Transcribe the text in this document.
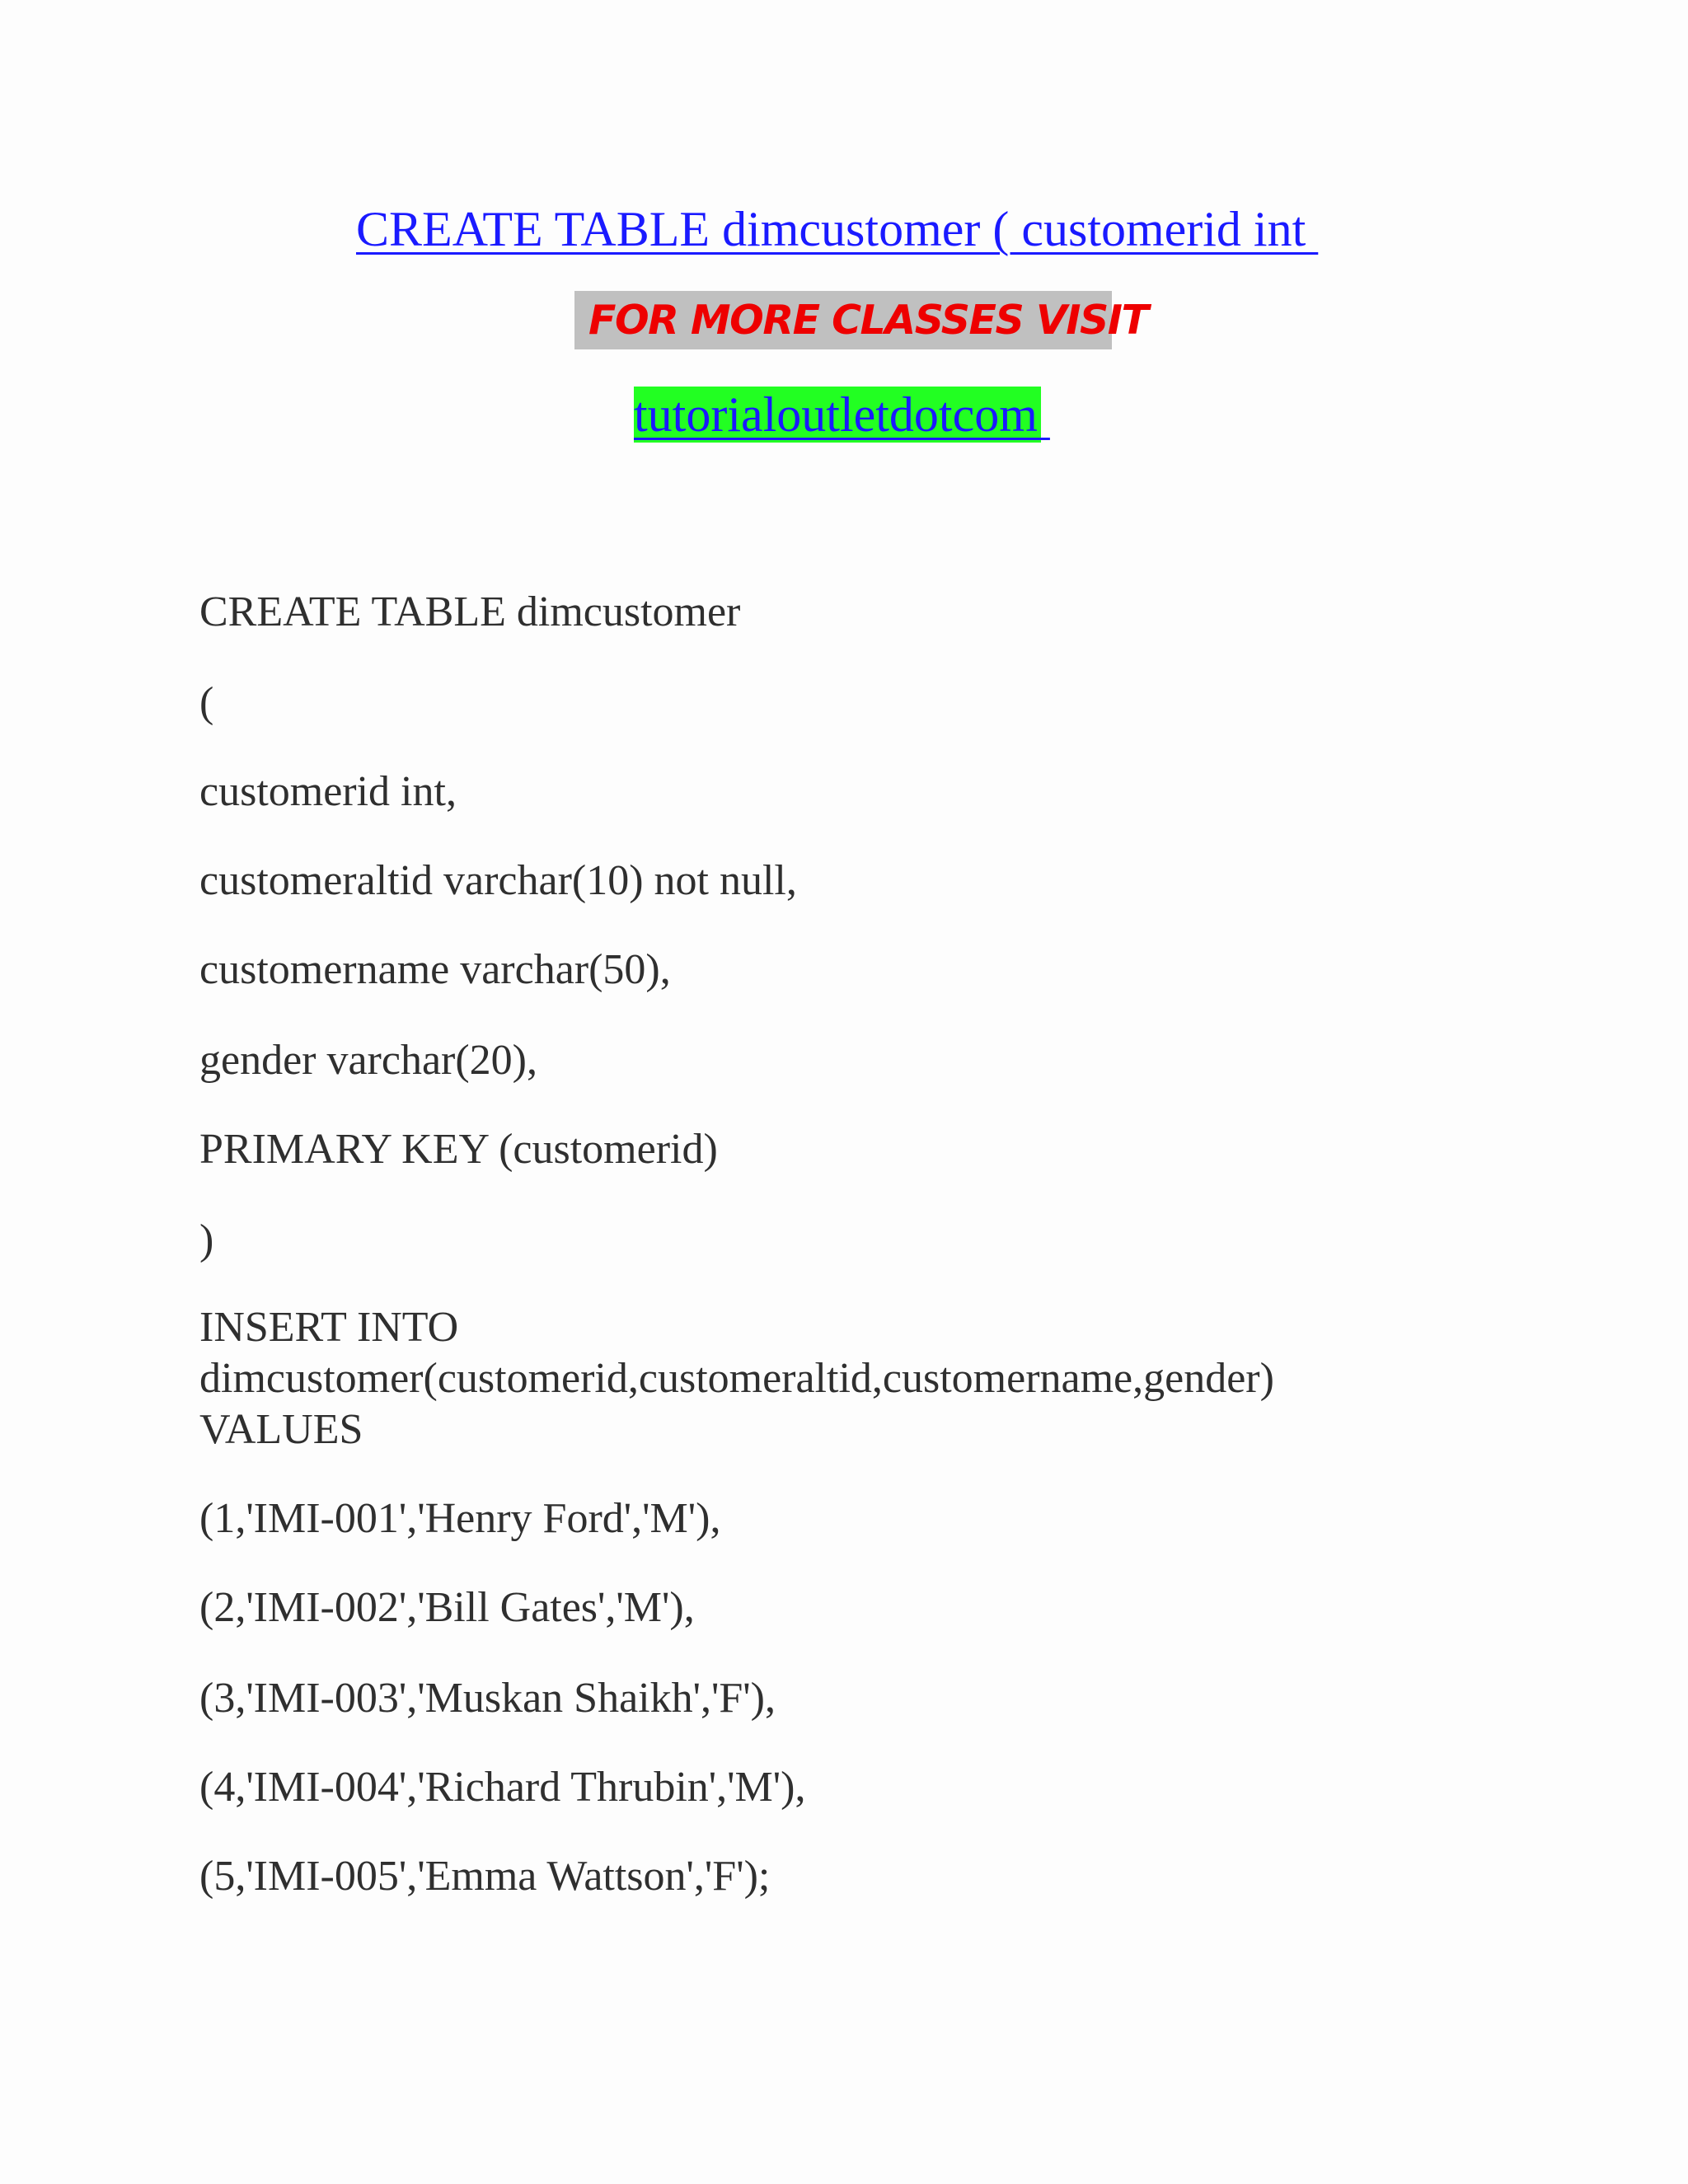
CREATE TABLE dimcustomer ( customerid int
FOR MORE CLASSES VISIT
tutorialoutletdotcom
CREATE TABLE dimcustomer
(
customerid int,
customeraltid varchar(10) not null,
customername varchar(50),
gender varchar(20),
PRIMARY KEY (customerid)
)
INSERT INTO
dimcustomer(customerid,customeraltid,customername,gender)
VALUES
(1,'IMI-001','Henry Ford','M'),
(2,'IMI-002','Bill Gates','M'),
(3,'IMI-003','Muskan Shaikh','F'),
(4,'IMI-004','Richard Thrubin','M'),
(5,'IMI-005','Emma Wattson','F');
